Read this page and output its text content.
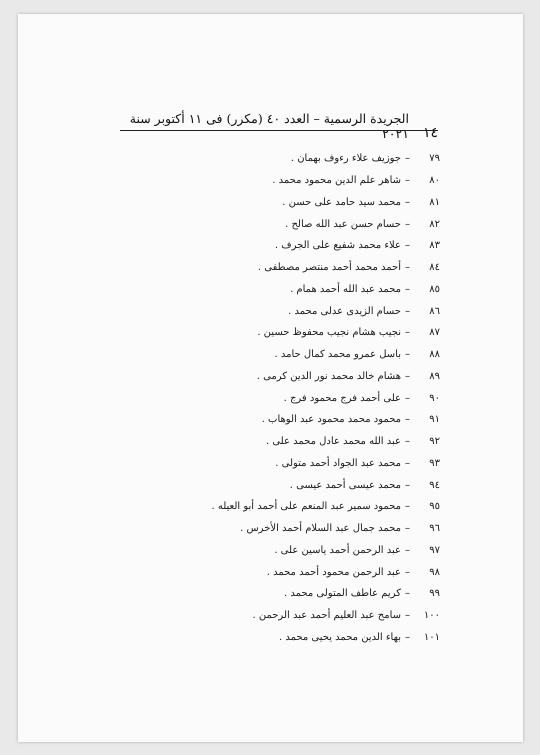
١٤
الجريدة الرسمية – العدد ٤٠ (مكرر) فى ١١ أكتوبر سنة ٢٠٢١
٧٩
–
جوزيف علاء رءوف بهمان .
٨٠
–
شاهر علم الدين محمود محمد .
٨١
–
محمد سيد حامد على حسن .
٨٢
–
حسام حسن عبد الله صالح .
٨٣
–
علاء محمد شفيع على الجرف .
٨٤
–
أحمد محمد أحمد منتصر مصطفى .
٨٥
–
محمد عبد الله أحمد همام .
٨٦
–
حسام الزيدى عدلى محمد .
٨٧
–
نجيب هشام نجيب محفوظ حسين .
٨٨
–
باسل عمرو محمد كمال حامد .
٨٩
–
هشام خالد محمد نور الدين كرمى .
٩٠
–
على أحمد فرج محمود فرج .
٩١
–
محمود محمد محمود عبد الوهاب .
٩٢
–
عبد الله محمد عادل محمد على .
٩٣
–
محمد عبد الجواد أحمد متولى .
٩٤
–
محمد عيسى أحمد عيسى .
٩٥
–
محمود سمير عبد المنعم على أحمد أبو العيله .
٩٦
–
محمد جمال عبد السلام أحمد الأخرس .
٩٧
–
عبد الرحمن أحمد ياسين على .
٩٨
–
عبد الرحمن محمود أحمد محمد .
٩٩
–
كريم عاطف المتولى محمد .
١٠٠
–
سامح عبد العليم أحمد عبد الرحمن .
١٠١
–
بهاء الدين محمد يحيى محمد .
